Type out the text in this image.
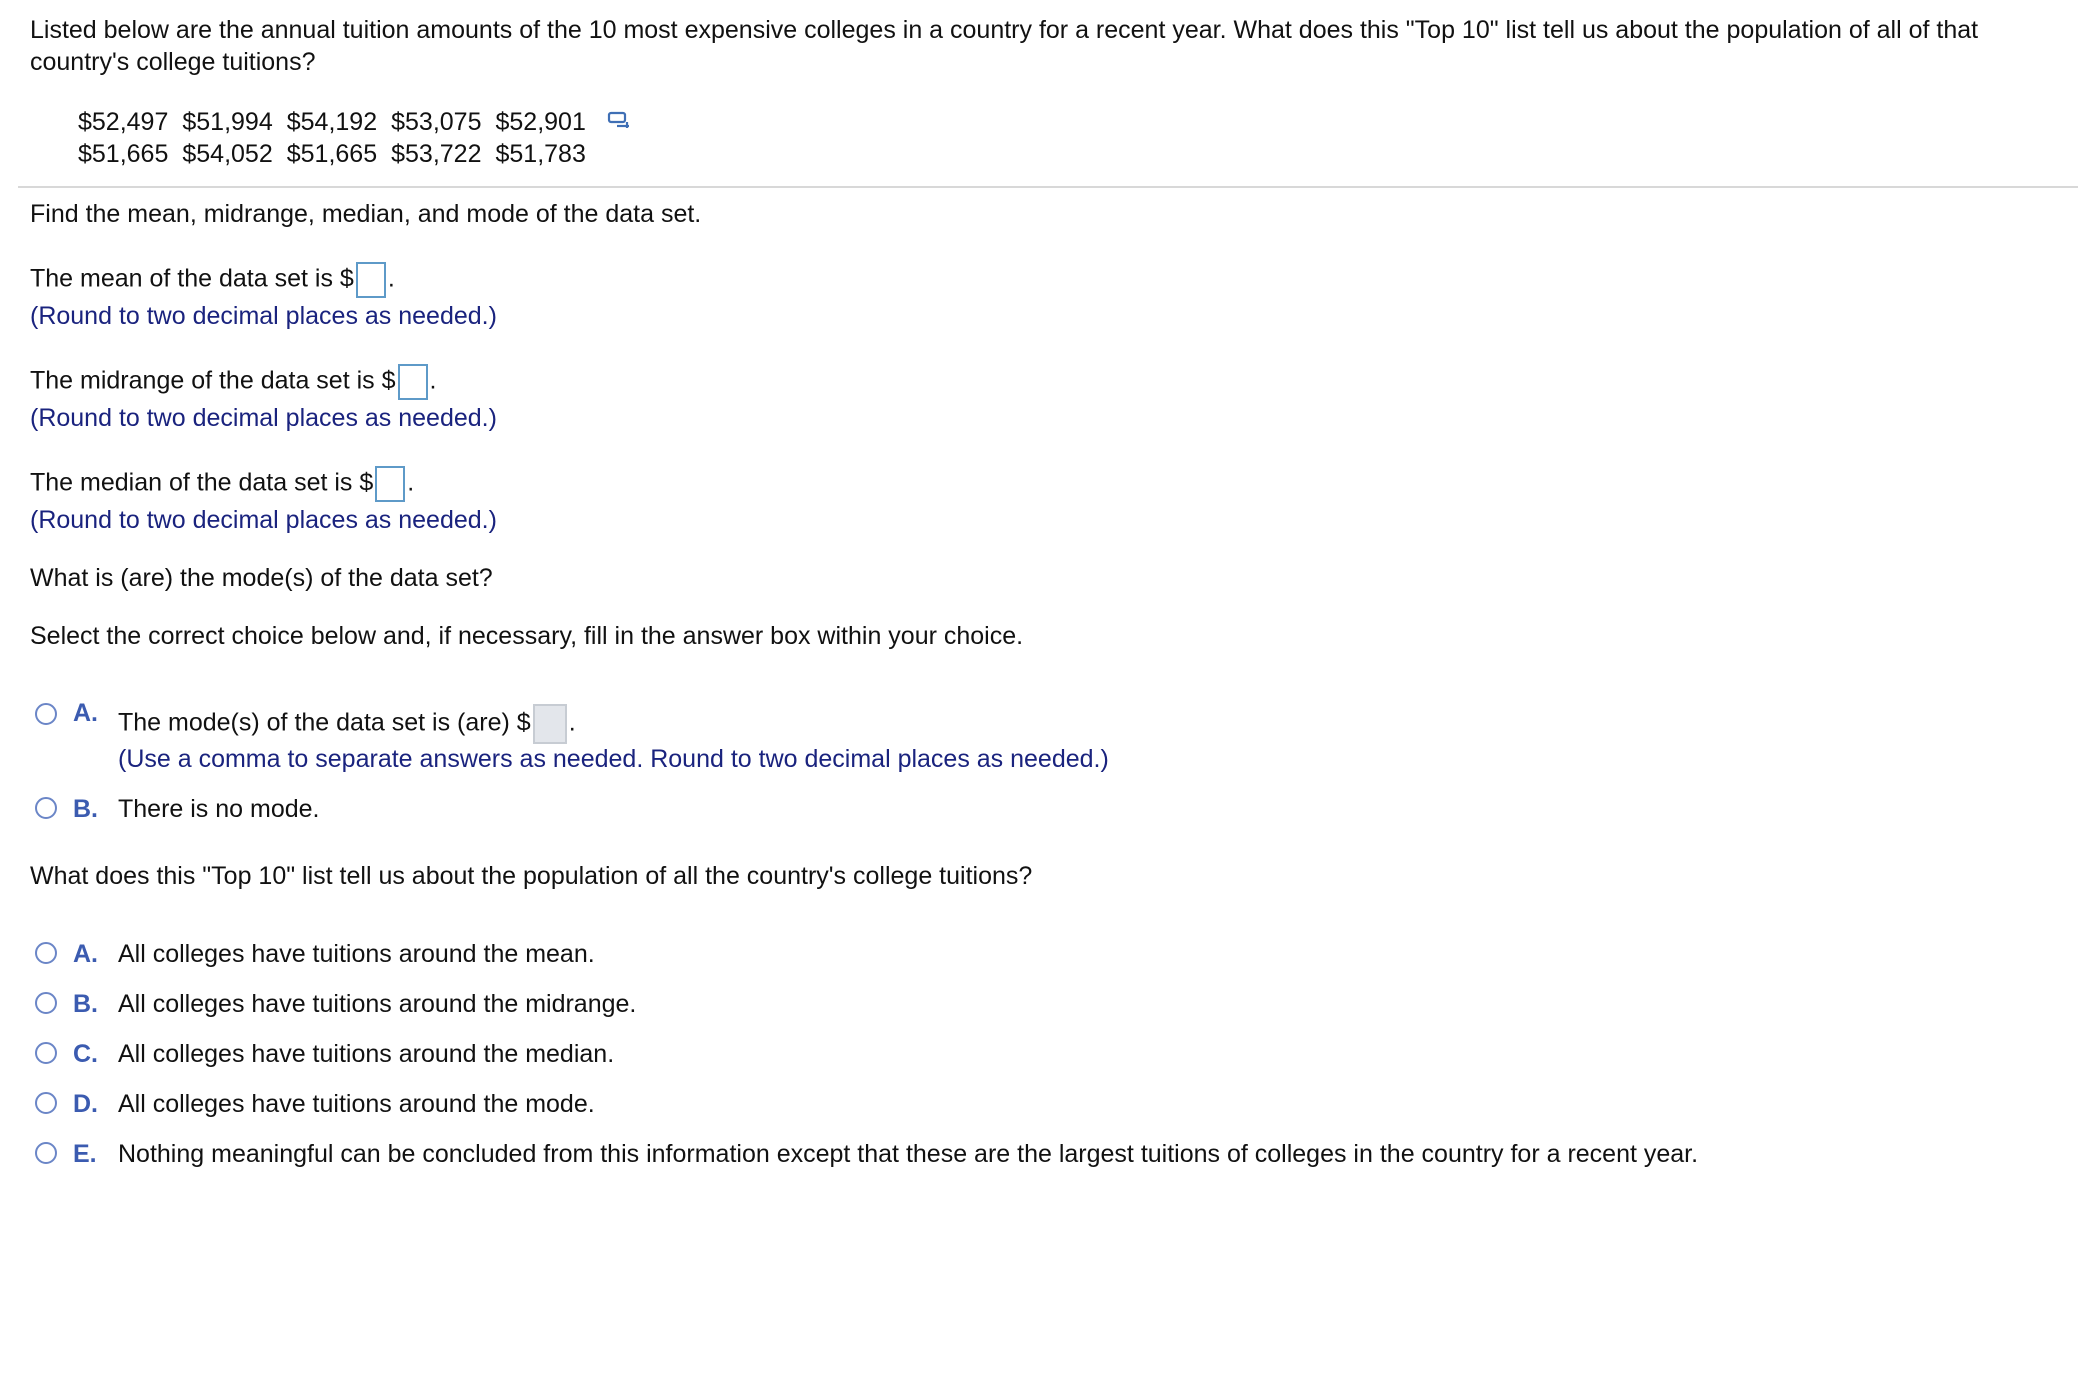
Listed below are the annual tuition amounts of the 10 most expensive colleges in a country for a recent year. What does this "Top 10" list tell us about the population of all of that country's college tuitions?
$52,497 $51,994 $54,192 $53,075 $52,901
$51,665 $54,052 $51,665 $53,722 $51,783
Find the mean, midrange, median, and mode of the data set.
The mean of the data set is $ .
(Round to two decimal places as needed.)
The midrange of the data set is $ .
(Round to two decimal places as needed.)
The median of the data set is $ .
(Round to two decimal places as needed.)
What is (are) the mode(s) of the data set?
Select the correct choice below and, if necessary, fill in the answer box within your choice.
A. The mode(s) of the data set is (are) $ .
(Use a comma to separate answers as needed. Round to two decimal places as needed.)
B. There is no mode.
What does this "Top 10" list tell us about the population of all the country's college tuitions?
A. All colleges have tuitions around the mean.
B. All colleges have tuitions around the midrange.
C. All colleges have tuitions around the median.
D. All colleges have tuitions around the mode.
E. Nothing meaningful can be concluded from this information except that these are the largest tuitions of colleges in the country for a recent year.
